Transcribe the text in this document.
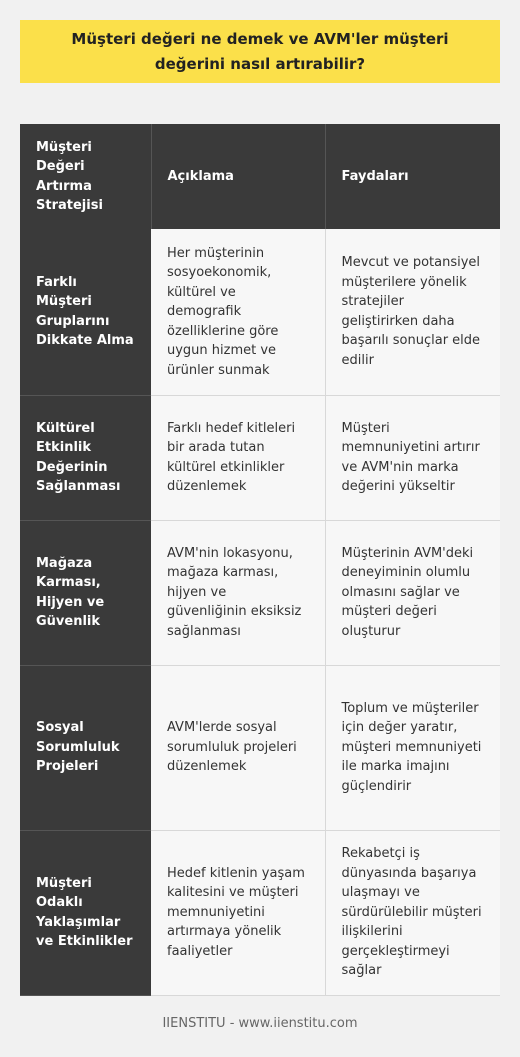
Müşteri değeri ne demek ve AVM'ler müşteri değerini nasıl artırabilir?
Müşteri Değeri Artırma Stratejisi	Açıklama	Faydaları
Farklı Müşteri Gruplarını Dikkate Alma	Her müşterinin sosyoekonomik, kültürel ve demografik özelliklerine göre uygun hizmet ve ürünler sunmak	Mevcut ve potansiyel müşterilere yönelik stratejiler geliştirirken daha başarılı sonuçlar elde edilir
Kültürel Etkinlik Değerinin Sağlanması	Farklı hedef kitleleri bir arada tutan kültürel etkinlikler düzenlemek	Müşteri memnuniyetini artırır ve AVM'nin marka değerini yükseltir
Mağaza Karması, Hijyen ve Güvenlik	AVM'nin lokasyonu, mağaza karması, hijyen ve güvenliğinin eksiksiz sağlanması	Müşterinin AVM'deki deneyiminin olumlu olmasını sağlar ve müşteri değeri oluşturur
Sosyal Sorumluluk Projeleri	AVM'lerde sosyal sorumluluk projeleri düzenlemek	Toplum ve müşteriler için değer yaratır, müşteri memnuniyeti ile marka imajını güçlendirir
Müşteri Odaklı Yaklaşımlar ve Etkinlikler	Hedef kitlenin yaşam kalitesini ve müşteri memnuniyetini artırmaya yönelik faaliyetler	Rekabetçi iş dünyasında başarıya ulaşmayı ve sürdürülebilir müşteri ilişkilerini gerçekleştirmeyi sağlar
IIENSTITU - www.iienstitu.com
